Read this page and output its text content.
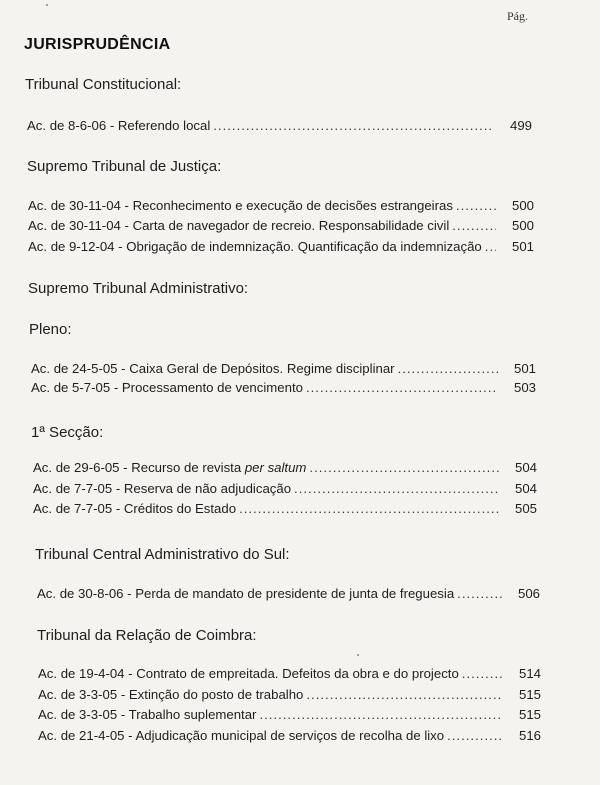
Pág.
JURISPRUDÊNCIA
Tribunal Constitucional:
Ac. de 8-6-06 - Referendo local .....	499
Supremo Tribunal de Justiça:
Ac. de 30-11-04 - Reconhecimento e execução de decisões estrangeiras .....	500
Ac. de 30-11-04 - Carta de navegador de recreio. Responsabilidade civil .....	500
Ac. de 9-12-04 - Obrigação de indemnização. Quantificação da indemnização .....	501
Supremo Tribunal Administrativo:
Pleno:
Ac. de 24-5-05 - Caixa Geral de Depósitos. Regime disciplinar .....	501
Ac. de 5-7-05 - Processamento de vencimento .....	503
1ª Secção:
Ac. de 29-6-05 - Recurso de revista per saltum .....	504
Ac. de 7-7-05 - Reserva de não adjudicação .....	504
Ac. de 7-7-05 - Créditos do Estado .....	505
Tribunal Central Administrativo do Sul:
Ac. de 30-8-06 - Perda de mandato de presidente de junta de freguesia .....	506
Tribunal da Relação de Coimbra:
Ac. de 19-4-04 - Contrato de empreitada. Defeitos da obra e do projecto .....	514
Ac. de 3-3-05 - Extinção do posto de trabalho .....	515
Ac. de 3-3-05 - Trabalho suplementar .....	515
Ac. de 21-4-05 - Adjudicação municipal de serviços de recolha de lixo .....	516
